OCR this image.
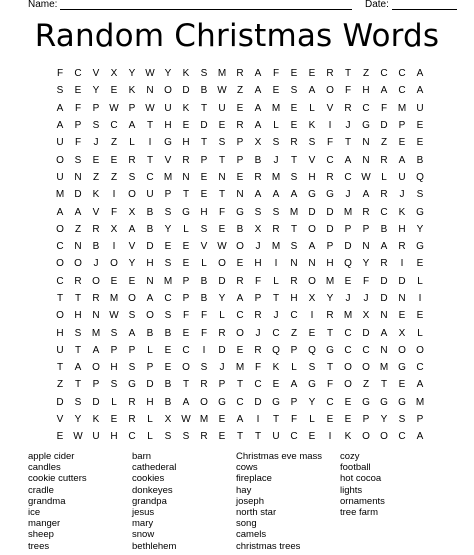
Name:	Date:
Random Christmas Words
F	C	V	X	Y W Y	K	S	M	R	A	F	E	E	R	T	Z	C	C	A
S	E	Y	E	K	N	O	D	B W	Z	A	E	S	A	O	F	H	A	C	A
A	F	P W P W U	K	T	U	E	A	M	E	L	V	R	C	F	M	U
A	P	S	C	A	T	H	E	D	E	R	A	L	E	K	I	J	G	D	P	E
U	F	J	Z	L	I	G	H	T	S	P	X	S	R	S	F	T	N	Z	E	E
O	S	E	E	R	T	V	R	P	T	P	B	J	T	V	C	A	N	R	A	B
U	N	Z	Z	S	C	M	N	E	N	E	R	M	S	H	R	C W	L	U	Q
M	D	K	I	O	U	P	T	E	T	N	A	A	A	G	G	J	A	R	J	S
A	A	V	F	X	B	S	G	H	F	G	S	S	M	D	D	M	R	C	K	G
O	Z	R	X	A	B	Y	L	S	E	B	X	R	T	O	D	P	P	B	H	Y
C	N	B	I	V	D	E	E	V W O	J	M	S	A	P	D	N	A	R	G
O	O	J	O	Y	H	S	E	L	O	E	H	I	N	N	H	Q	Y	R	I	E
C	R	O	E	E	N	M	P	B	D	R	F	L	R	O M	E	F	D	D	L
T	T	R	M O	A	C	P	B	Y	A	P	T	H	X	Y	J	J	D	N	I
O	H	N W S	O	S	F	F	L	C	R	J	C	I	R	M	X	N	E	E
H	S	M	S	A	B	B	E	F	R	O	J	C	Z	E	T	C	D	A	X	L
U	T	A	P	P	L	E	C	I	D	E	R	Q	P	Q	G	C	C	N	O	O
T	A	O	H	S	P	E	O	S	J	M	F	K	L	S	T	O	O M G	C
Z	T	P	S	G	D	B	T	R	P	T	C	E	A	G	F	O	Z	T	E	A
D	S	D	L	R	H	B	A	O	G	C	D	G	P	Y	C	E	G	G	G M
V	Y	K	E	R	L	X W M	E	A	I	T	F	L	E	E	P	Y	S	P
E W U	H	C	L	S	S	R	E	T	T	U	C	E	I	K	O	O	C	A
apple cider
candles
cookie cutters
cradle
grandma
ice
manger
sheep
trees
barn
cathederal
cookies
donkeyes
grandpa
jesus
mary
snow
bethlehem
Christmas eve mass
cows
fireplace
hay
joseph
north star
song
camels
christmas trees
cozy
football
hot cocoa
lights
ornaments
tree farm
